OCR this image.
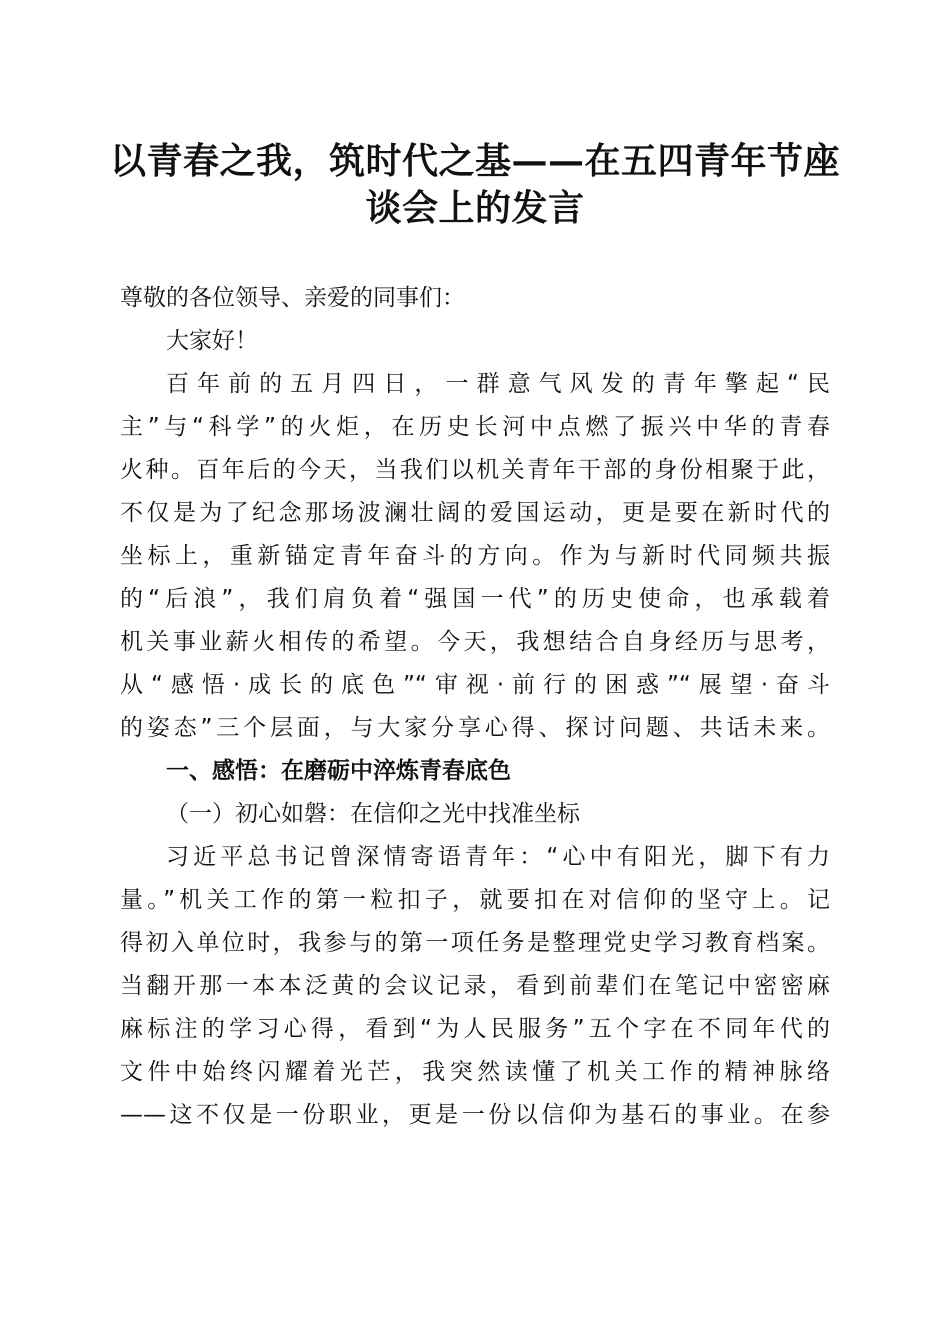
以青春之我，筑时代之基——在五四青年节座
谈会上的发言

尊敬的各位领导、亲爱的同事们：

大家好！

百年前的五月四日，一群意气风发的青年擎起“民

主”与“科学”的火炬，在历史长河中点燃了振兴中华的青春

火种。百年后的今天，当我们以机关青年干部的身份相聚于此，

不仅是为了纪念那场波澜壮阔的爱国运动，更是要在新时代的

坐标上，重新锚定青年奋斗的方向。作为与新时代同频共振

的“后浪”，我们肩负着“强国一代”的历史使命，也承载着

机关事业薪火相传的希望。今天，我想结合自身经历与思考，

从“感悟·成长的底色”“审视·前行的困惑”“展望·奋斗

的姿态”三个层面，与大家分享心得、探讨问题、共话未来。

一、感悟：在磨砺中淬炼青春底色

（一）初心如磐：在信仰之光中找准坐标

习近平总书记曾深情寄语青年：“心中有阳光，脚下有力

量。”机关工作的第一粒扣子，就要扣在对信仰的坚守上。记

得初入单位时，我参与的第一项任务是整理党史学习教育档案。

当翻开那一本本泛黄的会议记录，看到前辈们在笔记中密密麻

麻标注的学习心得，看到“为人民服务”五个字在不同年代的

文件中始终闪耀着光芒，我突然读懂了机关工作的精神脉络

——这不仅是一份职业，更是一份以信仰为基石的事业。在参
